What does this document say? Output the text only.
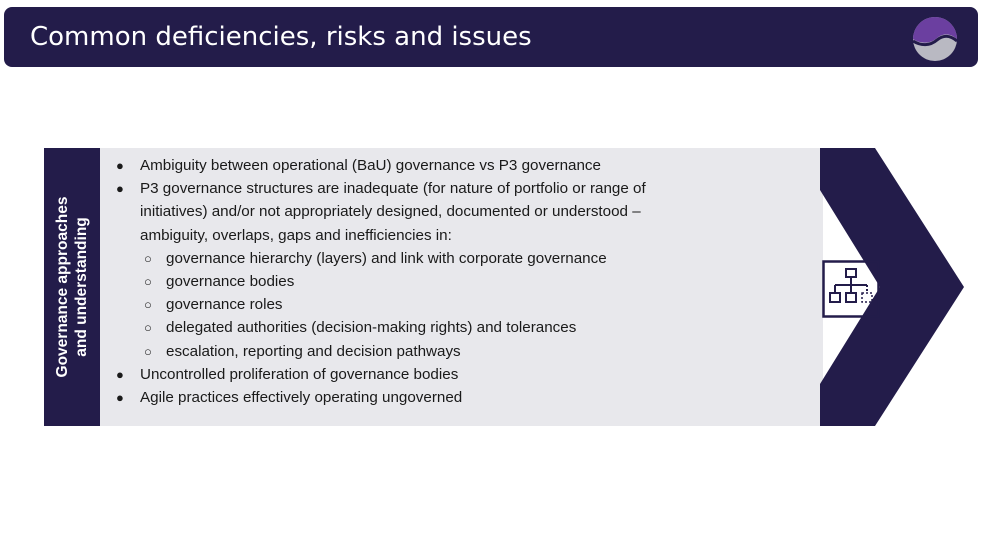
Common deficiencies, risks and issues
Governance approaches and understanding
● Ambiguity between operational (BaU) governance vs P3 governance
● P3 governance structures are inadequate (for nature of portfolio or range of
initiatives) and/or not appropriately designed, documented or understood –
ambiguity, overlaps, gaps and inefficiencies in:
○ governance hierarchy (layers) and link with corporate governance
○ governance bodies
○ governance roles
○ delegated authorities (decision-making rights) and tolerances
○ escalation, reporting and decision pathways
● Uncontrolled proliferation of governance bodies
● Agile practices effectively operating ungoverned
